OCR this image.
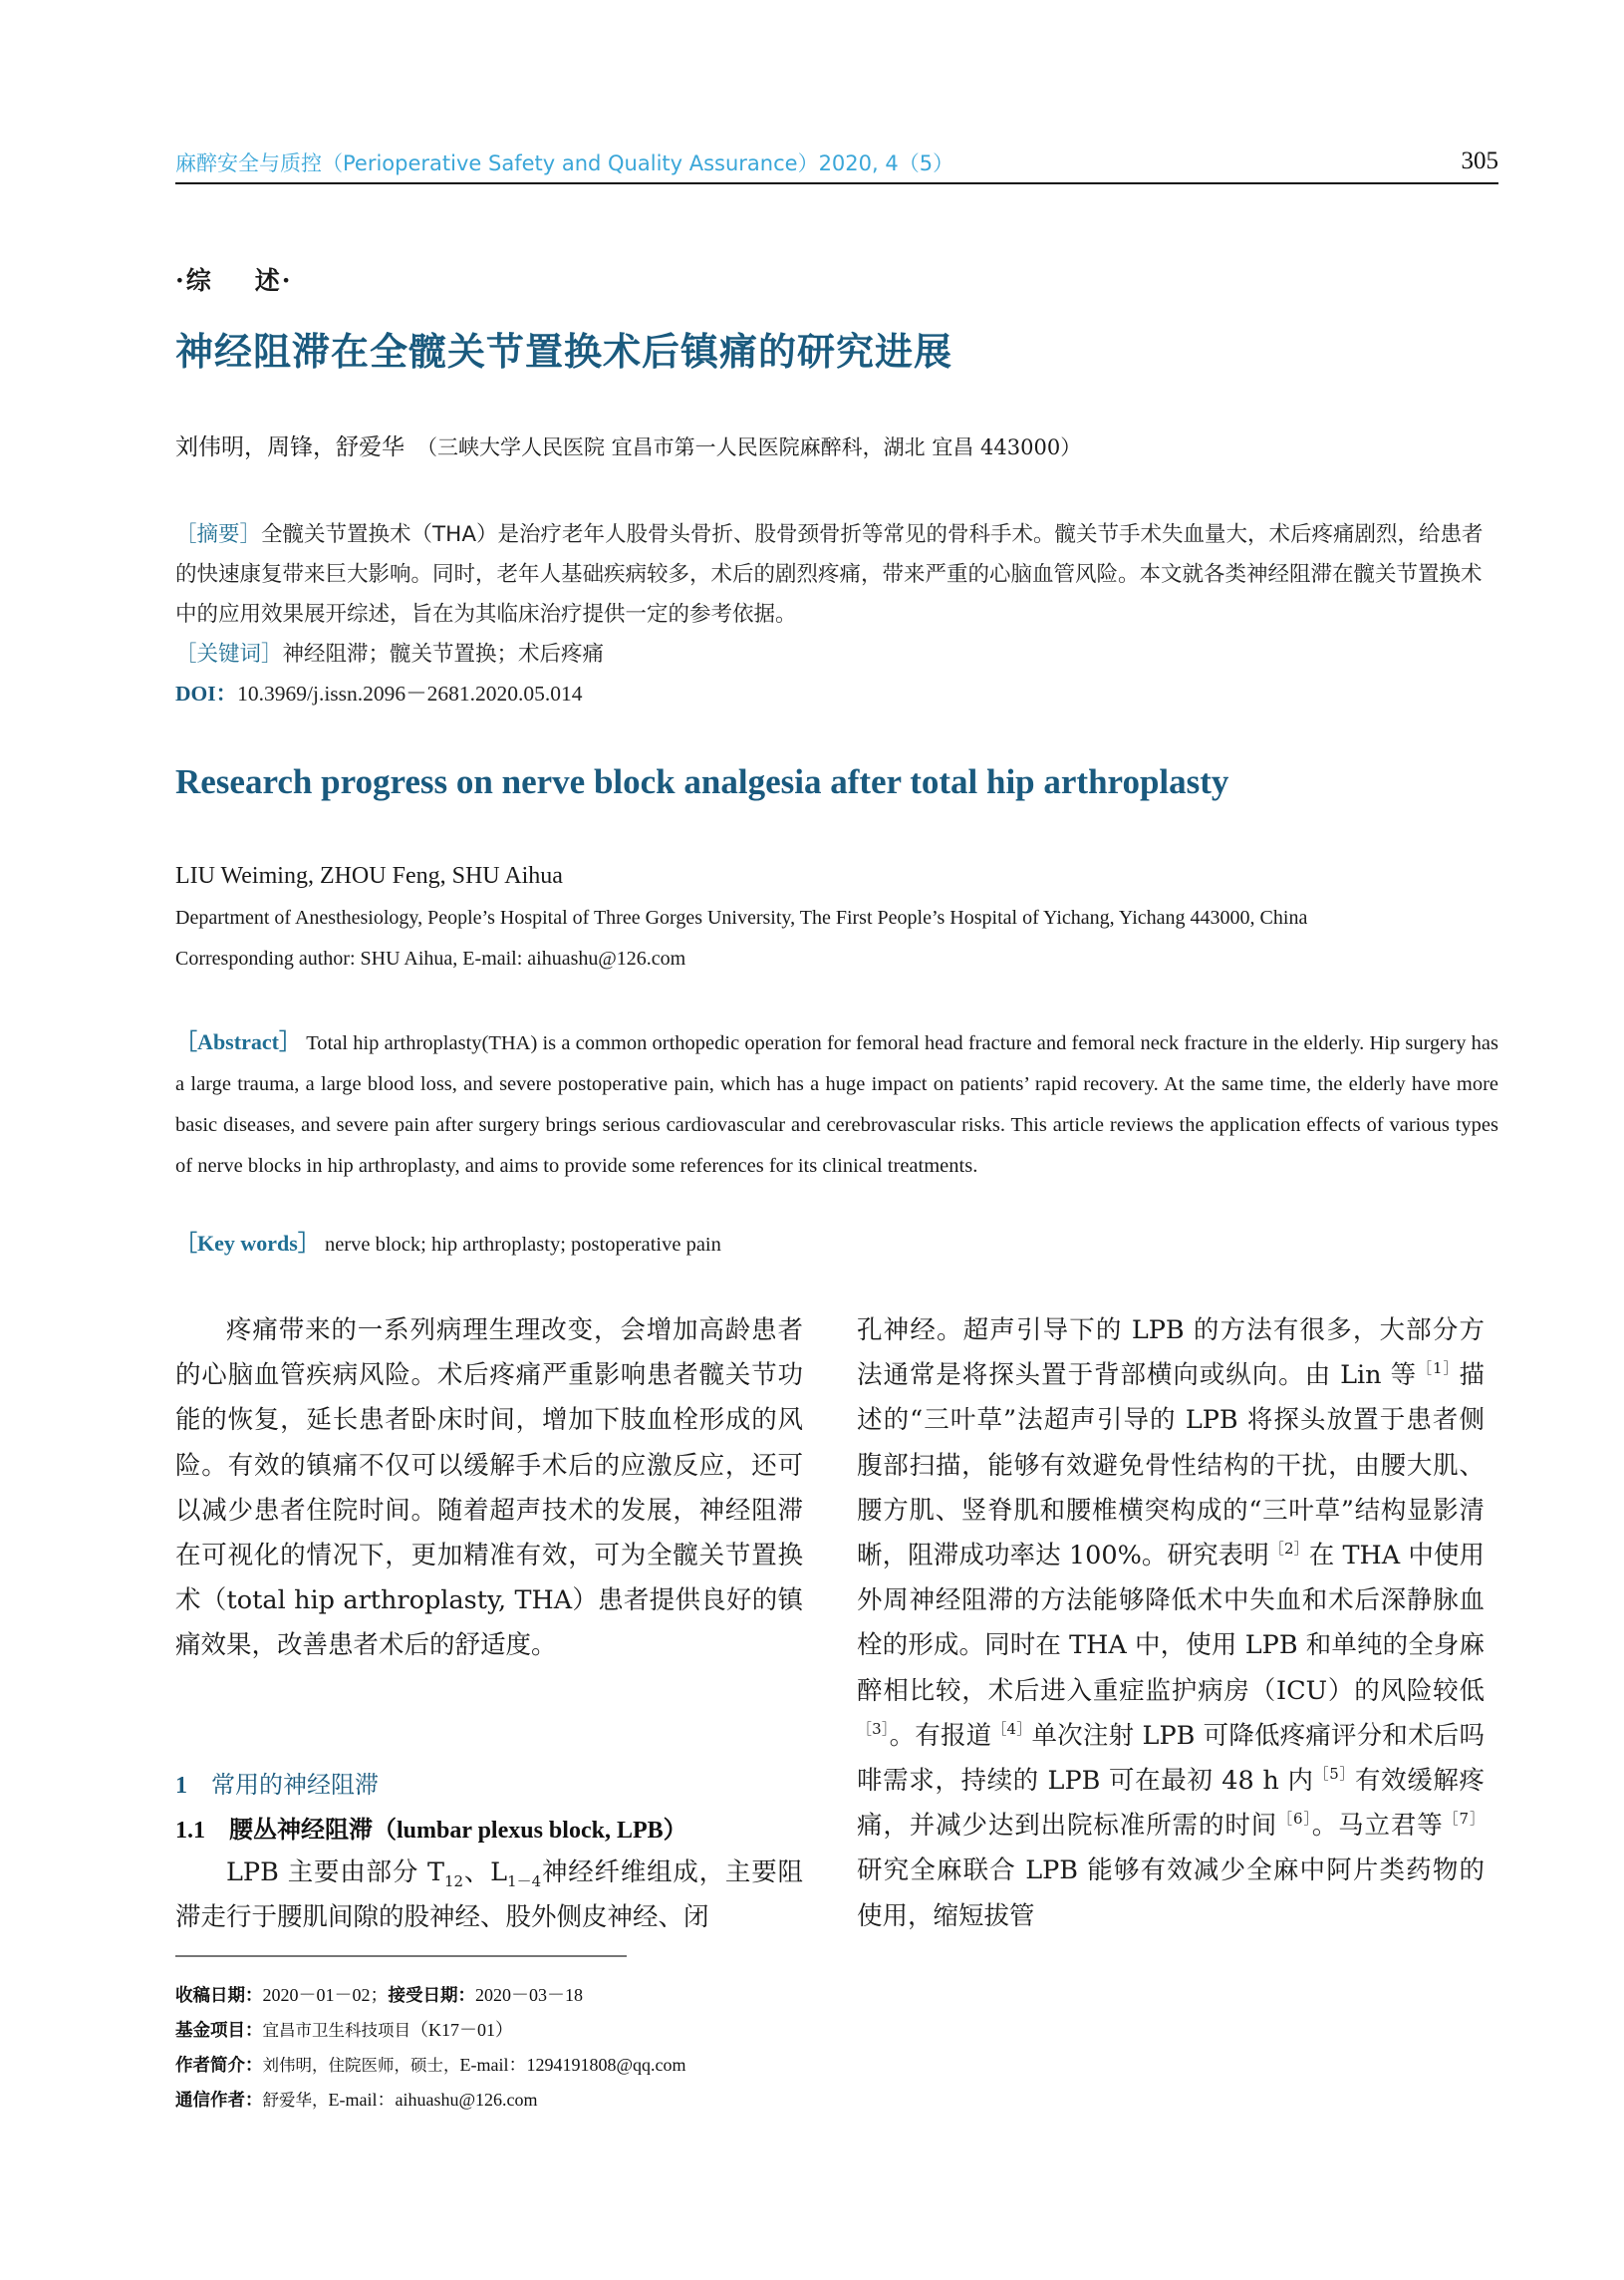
麻醉安全与质控（Perioperative Safety and Quality Assurance）2020, 4（5）	305
·综 述·
神经阻滞在全髋关节置换术后镇痛的研究进展
刘伟明，周锋，舒爱华 （三峡大学人民医院 宜昌市第一人民医院麻醉科，湖北 宜昌 443000）
［摘要］全髋关节置换术（THA）是治疗老年人股骨头骨折、股骨颈骨折等常见的骨科手术。髋关节手术失血量大，术后疼痛剧烈，给患者的快速康复带来巨大影响。同时，老年人基础疾病较多，术后的剧烈疼痛，带来严重的心脑血管风险。本文就各类神经阻滞在髋关节置换术中的应用效果展开综述，旨在为其临床治疗提供一定的参考依据。
［关键词］神经阻滞；髋关节置换；术后疼痛
DOI：10.3969/j.issn.2096－2681.2020.05.014
Research progress on nerve block analgesia after total hip arthroplasty
LIU Weiming, ZHOU Feng, SHU Aihua
Department of Anesthesiology, People’s Hospital of Three Gorges University, The First People’s Hospital of Yichang, Yichang 443000, China
Corresponding author: SHU Aihua, E-mail: aihuashu@126.com
［Abstract］ Total hip arthroplasty(THA) is a common orthopedic operation for femoral head fracture and femoral neck fracture in the elderly. Hip surgery has a large trauma, a large blood loss, and severe postoperative pain, which has a huge impact on patients’ rapid recovery. At the same time, the elderly have more basic diseases, and severe pain after surgery brings serious cardiovascular and cerebrovascular risks. This article reviews the application effects of various types of nerve blocks in hip arthroplasty, and aims to provide some references for its clinical treatments.
［Key words］ nerve block; hip arthroplasty; postoperative pain

疼痛带来的一系列病理生理改变，会增加高龄患者的心脑血管疾病风险。术后疼痛严重影响患者髋关节功能的恢复，延长患者卧床时间，增加下肢血栓形成的风险。有效的镇痛不仅可以缓解手术后的应激反应，还可以减少患者住院时间。随着超声技术的发展，神经阻滞在可视化的情况下，更加精准有效，可为全髋关节置换术（total hip arthroplasty, THA）患者提供良好的镇痛效果，改善患者术后的舒适度。

1 常用的神经阻滞
1.1 腰丛神经阻滞（lumbar plexus block, LPB）

LPB 主要由部分 $T_{12}$、$L_{1-4}$神经纤维组成，主要阻滞走行于腰肌间隙的股神经、股外侧皮神经、闭

孔神经。超声引导下的 LPB 的方法有很多，大部分方法通常是将探头置于背部横向或纵向。由 Lin 等$^{[1]}$描述的“三叶草”法超声引导的 LPB 将探头放置于患者侧腹部扫描，能够有效避免骨性结构的干扰，由腰大肌、腰方肌、竖脊肌和腰椎横突构成的“三叶草”结构显影清晰，阻滞成功率达 100%。研究表明$^{[2]}$在 THA 中使用外周神经阻滞的方法能够降低术中失血和术后深静脉血栓的形成。同时在 THA 中，使用 LPB 和单纯的全身麻醉相比较，术后进入重症监护病房（ICU）的风险较低$^{[3]}$。有报道$^{[4]}$单次注射 LPB 可降低疼痛评分和术后吗啡需求，持续的 LPB 可在最初 48 h 内$^{[5]}$有效缓解疼痛，并减少达到出院标准所需的时间$^{[6]}$。马立君等$^{[7]}$研究全麻联合 LPB 能够有效减少全麻中阿片类药物的使用，缩短拔管

收稿日期：2020－01－02；接受日期：2020－03－18
基金项目：宜昌市卫生科技项目（K17－01）
作者简介：刘伟明，住院医师，硕士，E-mail：1294191808@qq.com
通信作者：舒爱华，E-mail：aihuashu@126.com
